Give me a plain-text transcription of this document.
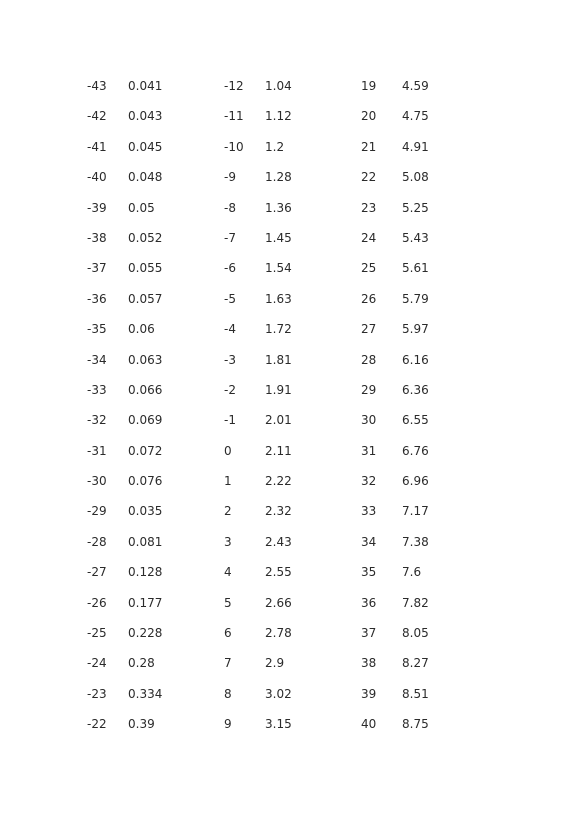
-43	0.041
-42	0.043
-41	0.045
-40	0.048
-39	0.05
-38	0.052
-37	0.055
-36	0.057
-35	0.06
-34	0.063
-33	0.066
-32	0.069
-31	0.072
-30	0.076
-29	0.035
-28	0.081
-27	0.128
-26	0.177
-25	0.228
-24	0.28
-23	0.334
-22	0.39
-12	1.04
-11	1.12
-10	1.2
-9	1.28
-8	1.36
-7	1.45
-6	1.54
-5	1.63
-4	1.72
-3	1.81
-2	1.91
-1	2.01
0	2.11
1	2.22
2	2.32
3	2.43
4	2.55
5	2.66
6	2.78
7	2.9
8	3.02
9	3.15
19	4.59
20	4.75
21	4.91
22	5.08
23	5.25
24	5.43
25	5.61
26	5.79
27	5.97
28	6.16
29	6.36
30	6.55
31	6.76
32	6.96
33	7.17
34	7.38
35	7.6
36	7.82
37	8.05
38	8.27
39	8.51
40	8.75
